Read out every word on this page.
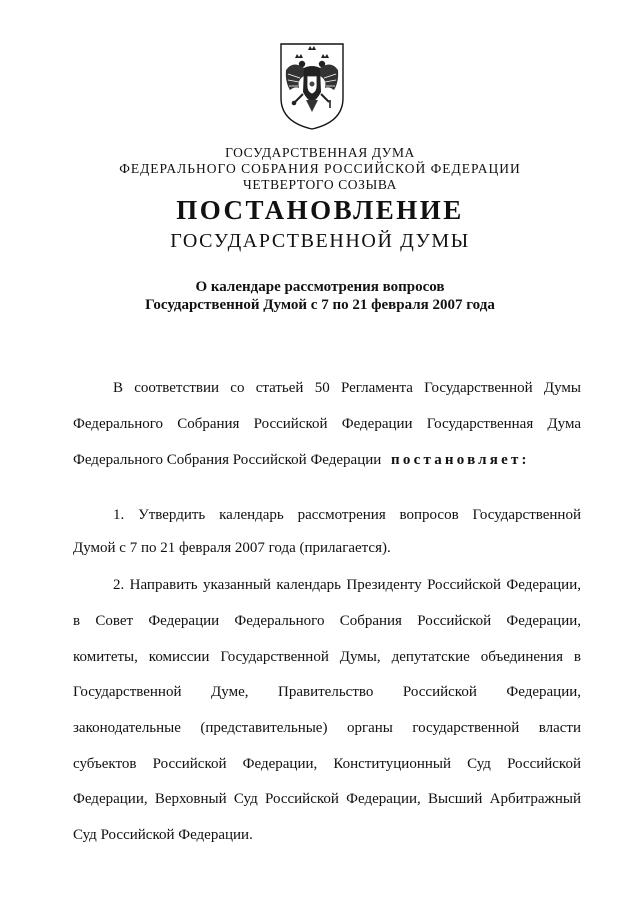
ГОСУДАРСТВЕННАЯ ДУМА
ФЕДЕРАЛЬНОГО СОБРАНИЯ РОССИЙСКОЙ ФЕДЕРАЦИИ
ЧЕТВЕРТОГО СОЗЫВА
ПОСТАНОВЛЕНИЕ
ГОСУДАРСТВЕННОЙ ДУМЫ
О календаре рассмотрения вопросов
Государственной Думой с 7 по 21 февраля 2007 года
В соответствии со статьей 50 Регламента Государственной Думы
Федерального Собрания Российской Федерации Государственная Дума
Федерального Собрания Российской Федерации постановляет:
1. Утвердить календарь рассмотрения вопросов Государственной
Думой с 7 по 21 февраля 2007 года (прилагается).
2. Направить указанный календарь Президенту Российской Федерации,
в Совет Федерации Федерального Собрания Российской Федерации,
комитеты, комиссии Государственной Думы, депутатские объединения в
Государственной Думе, Правительство Российской Федерации,
законодательные (представительные) органы государственной власти
субъектов Российской Федерации, Конституционный Суд Российской
Федерации, Верховный Суд Российской Федерации, Высший Арбитражный
Суд Российской Федерации.
